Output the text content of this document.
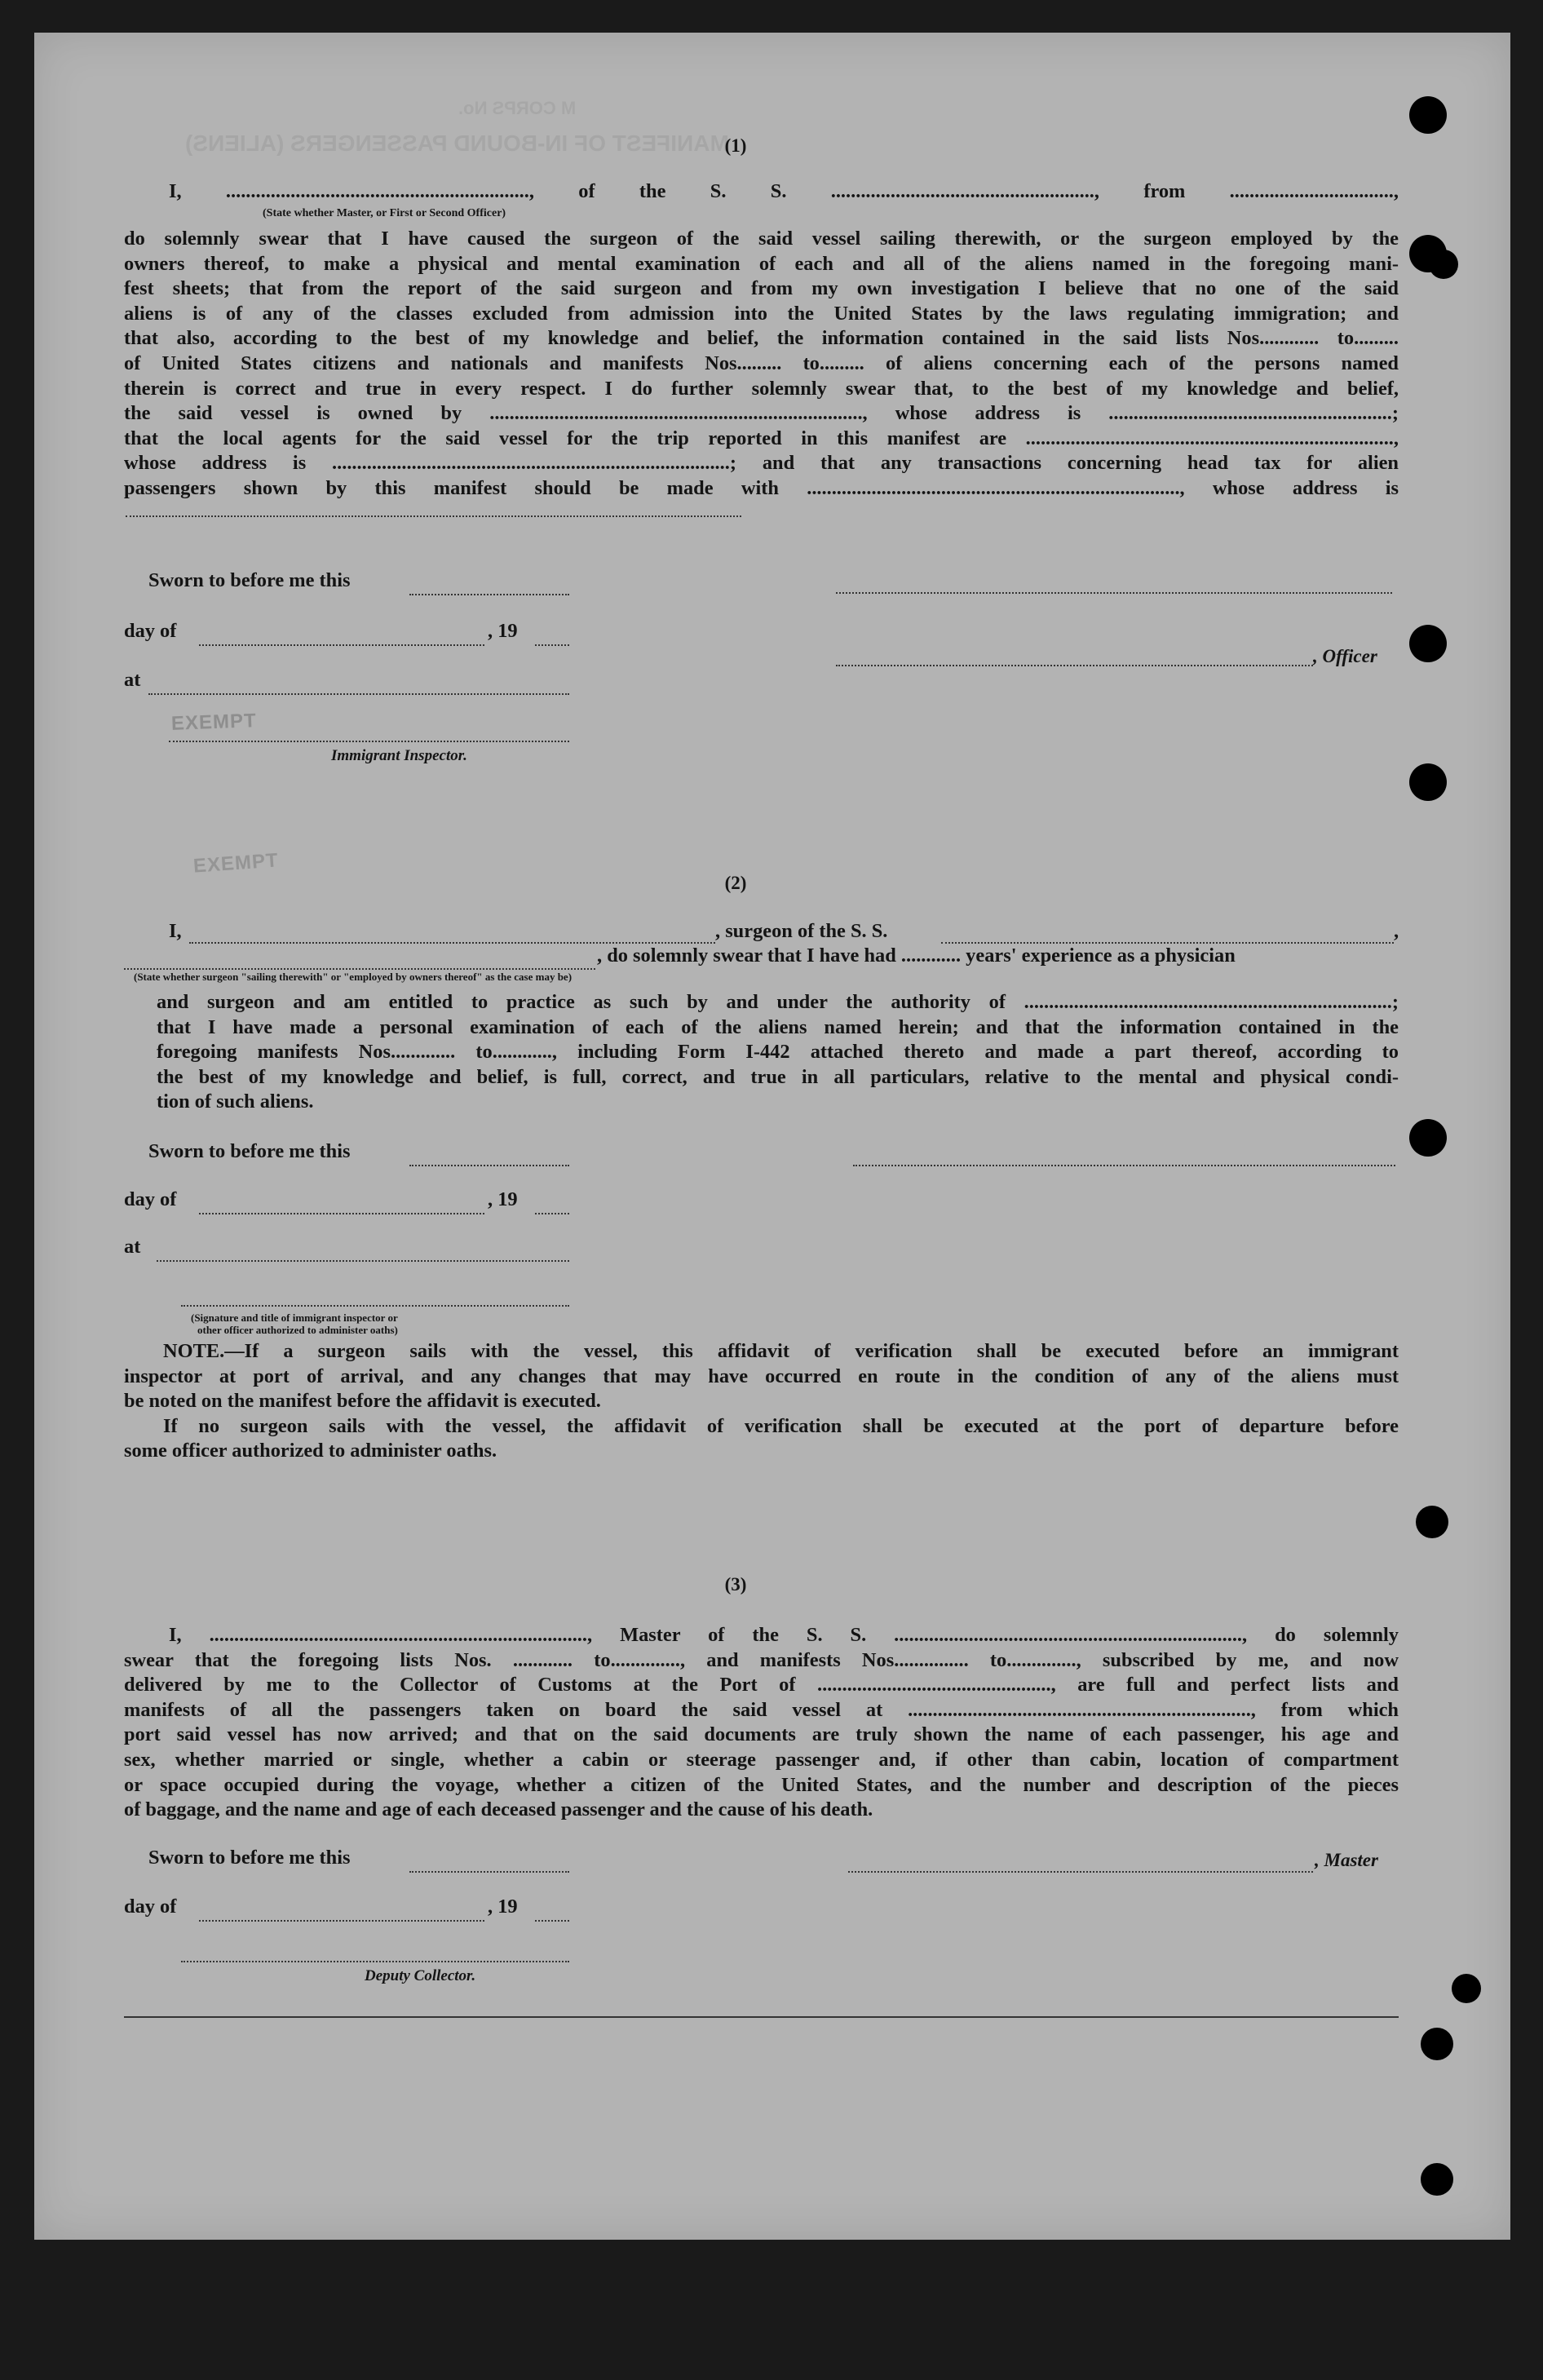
MANIFEST OF IN-BOUND PASSENGERS (ALIENS)
M CORPS No.
(1)
I, ............................................................., of the S. S. ....................................................., from .................................,
(State whether Master, or First or Second Officer)
do solemnly swear that I have caused the surgeon of the said vessel sailing therewith, or the surgeon employed by the
owners thereof, to make a physical and mental examination of each and all of the aliens named in the foregoing mani-
fest sheets; that from the report of the said surgeon and from my own investigation I believe that no one of the said
aliens is of any of the classes excluded from admission into the United States by the laws regulating immigration; and
that also, according to the best of my knowledge and belief, the information contained in the said lists Nos............ to.........
of United States citizens and nationals and manifests Nos......... to......... of aliens concerning each of the persons named
therein is correct and true in every respect. I do further solemnly swear that, to the best of my knowledge and belief,
the said vessel is owned by ..........................................................................., whose address is .........................................................;
that the local agents for the said vessel for the trip reported in this manifest are ..........................................................................,
whose address is ................................................................................; and that any transactions concerning head tax for alien
passengers shown by this manifest should be made with ..........................................................................., whose address is
Sworn to before me this
day of	, 19
, Officer
at
EXEMPT
Immigrant Inspector.
EXEMPT
(2)
I,	, surgeon of the S. S.	,
, do solemnly swear that I have had ............ years' experience as a physician
(State whether surgeon "sailing therewith" or "employed by owners thereof" as the case may be)
and surgeon and am entitled to practice as such by and under the authority of ..........................................................................;
that I have made a personal examination of each of the aliens named herein; and that the information contained in the
foregoing manifests Nos............. to............, including Form I-442 attached thereto and made a part thereof, according to
the best of my knowledge and belief, is full, correct, and true in all particulars, relative to the mental and physical condi-
tion of such aliens.
Sworn to before me this
day of	, 19
at
(Signature and title of immigrant inspector or
other officer authorized to administer oaths)
NOTE.—If a surgeon sails with the vessel, this affidavit of verification shall be executed before an immigrant
inspector at port of arrival, and any changes that may have occurred en route in the condition of any of the aliens must
be noted on the manifest before the affidavit is executed.
If no surgeon sails with the vessel, the affidavit of verification shall be executed at the port of departure before
some officer authorized to administer oaths.
(3)
I, ............................................................................, Master of the S. S. ......................................................................, do solemnly
swear that the foregoing lists Nos. ............ to.............., and manifests Nos............... to.............., subscribed by me, and now
delivered by me to the Collector of Customs at the Port of ..............................................., are full and perfect lists and
manifests of all the passengers taken on board the said vessel at ....................................................................., from which
port said vessel has now arrived; and that on the said documents are truly shown the name of each passenger, his age and
sex, whether married or single, whether a cabin or steerage passenger and, if other than cabin, location of compartment
or space occupied during the voyage, whether a citizen of the United States, and the number and description of the pieces
of baggage, and the name and age of each deceased passenger and the cause of his death.
Sworn to before me this	, Master
day of	, 19
Deputy Collector.
